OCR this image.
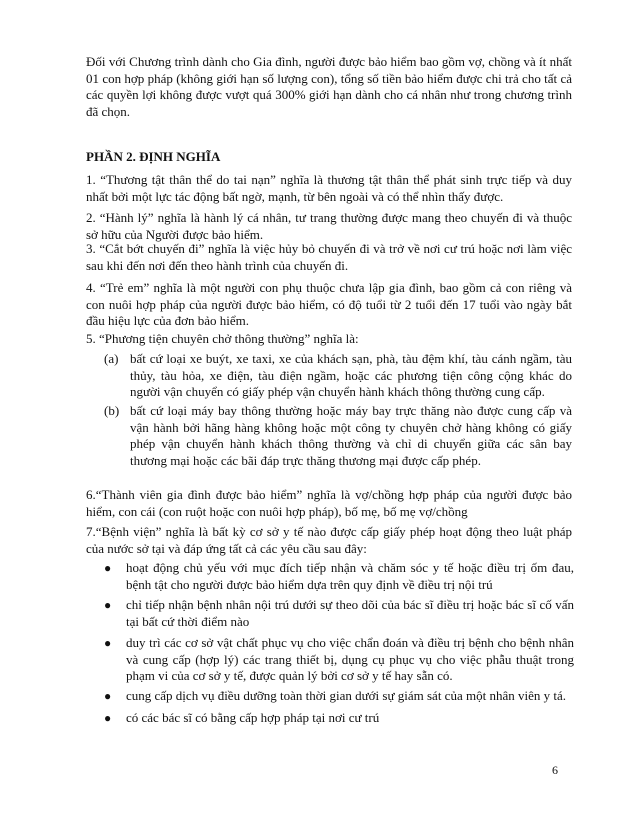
Đối với Chương trình dành cho Gia đình, người được bảo hiểm bao gồm vợ, chồng và ít nhất 01 con hợp pháp (không giới hạn số lượng con), tổng số tiền bảo hiểm được chi trả cho tất cả các quyền lợi không được vượt quá 300% giới hạn dành cho cá nhân như trong chương trình đã chọn.

PHẦN 2. ĐỊNH NGHĨA

1. “Thương tật thân thể do tai nạn” nghĩa là thương tật thân thể phát sinh trực tiếp và duy nhất bởi một lực tác động bất ngờ, mạnh, từ bên ngoài và có thể nhìn thấy được.

2. “Hành lý” nghĩa là hành lý cá nhân, tư trang thường được mang theo chuyến đi và thuộc sở hữu của Người được bảo hiểm.

3. “Cắt bớt chuyến đi” nghĩa là việc hủy bỏ chuyến đi và trở về nơi cư trú hoặc nơi làm việc sau khi đến nơi đến theo hành trình của chuyến đi.

4. “Trẻ em” nghĩa là một người con phụ thuộc chưa lập gia đình, bao gồm cả con riêng và con nuôi hợp pháp của người được bảo hiểm, có độ tuổi từ 2 tuổi đến 17 tuổi vào ngày bắt đầu hiệu lực của đơn bảo hiểm.

5. “Phương tiện chuyên chở thông thường” nghĩa là:

(a) bất cứ loại xe buýt, xe taxi, xe của khách sạn, phà, tàu đệm khí, tàu cánh ngầm, tàu thủy, tàu hỏa, xe điện, tàu điện ngầm, hoặc các phương tiện công cộng khác do người vận chuyển có giấy phép vận chuyển hành khách thông thường cung cấp.
(b) bất cứ loại máy bay thông thường hoặc máy bay trực thăng nào được cung cấp và vận hành bởi hãng hàng không hoặc một công ty chuyên chở hàng không có giấy phép vận chuyển hành khách thông thường và chỉ di chuyển giữa các sân bay thương mại hoặc các bãi đáp trực thăng thương mại được cấp phép.

6.“Thành viên gia đình được bảo hiểm” nghĩa là vợ/chồng hợp pháp của người được bảo hiểm, con cái (con ruột hoặc con nuôi hợp pháp), bố mẹ, bố mẹ vợ/chồng

7.“Bệnh viện” nghĩa là bất kỳ cơ sở y tế nào được cấp giấy phép hoạt động theo luật pháp của nước sở tại và đáp ứng tất cả các yêu cầu sau đây:

●	hoạt động chủ yếu với mục đích tiếp nhận và chăm sóc y tế hoặc điều trị ốm đau, bệnh tật cho người được bảo hiểm dựa trên quy định về điều trị nội trú
●	chỉ tiếp nhận bệnh nhân nội trú dưới sự theo dõi của bác sĩ điều trị hoặc bác sĩ cố vấn tại bất cứ thời điểm nào
●	duy trì các cơ sở vật chất phục vụ cho việc chẩn đoán và điều trị bệnh cho bệnh nhân và cung cấp (hợp lý) các trang thiết bị, dụng cụ phục vụ cho việc phẫu thuật trong phạm vi của cơ sở y tế, được quản lý bởi cơ sở y tế hay sẵn có.
●	cung cấp dịch vụ điều dưỡng toàn thời gian dưới sự giám sát của một nhân viên y tá.
●	có các bác sĩ có bằng cấp hợp pháp tại nơi cư trú
6
